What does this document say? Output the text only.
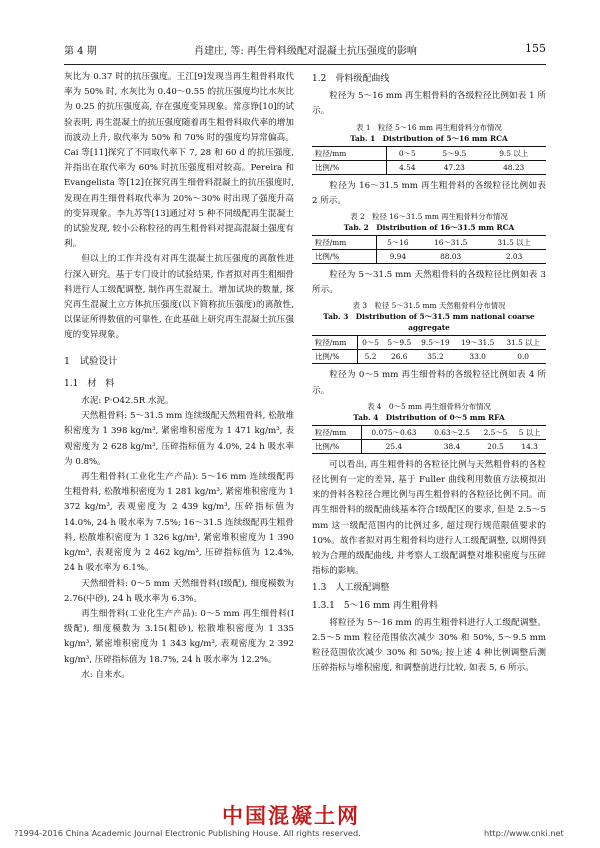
第 4 期	肖建庄, 等: 再生骨料级配对混凝土抗压强度的影响	155

灰比为 0.37 时的抗压强度。王江[9]发现当再生粗骨料取代率为 50% 时, 水灰比为 0.40～0.55 的抗压强度均比水灰比为 0.25 的抗压强度高, 存在强度变异现象。常彦铮[10]的试验表明, 再生混凝土的抗压强度随着再生粗骨料取代率的增加而波动上升, 取代率为 50% 和 70% 时的强度均异常偏高。Cai 等[11]探究了不同取代率下 7, 28 和 60 d 的抗压强度, 并指出在取代率为 60% 时抗压强度相对较高。Pereira 和 Evangelista 等[12]在探究再生细骨料混凝土的抗压强度时, 发现在再生细骨料取代率为 20%～30% 时出现了强度升高的变异现象。李九苏等[13]通过对 5 种不同级配再生混凝土的试验发现, 较小公称粒径的再生粗骨料对提高混凝土强度有利。

但以上的工作并没有对再生混凝土抗压强度的离散性进行深入研究。基于专门设计的试验结果, 作者拟对再生粗细骨料进行人工级配调整, 制作再生混凝土。增加试块的数量, 探究再生混凝土立方体抗压强度(以下简称抗压强度)的离散性, 以保证所得数值的可靠性, 在此基础上研究再生混凝土抗压强度的变异现象。

1　试验设计
1.1　材　料

水泥: P·O42.5R 水泥。

天然粗骨料: 5～31.5 mm 连续级配天然粗骨料, 松散堆积密度为 1 398 kg/m³, 紧密堆积密度为 1 471 kg/m³, 表观密度为 2 628 kg/m³, 压碎指标值为 4.0%, 24 h 吸水率为 0.8%。

再生粗骨料(工业化生产产品): 5～16 mm 连续级配再生粗骨料, 松散堆积密度为 1 281 kg/m³, 紧密堆积密度为 1 372 kg/m³, 表观密度为 2 439 kg/m³, 压碎指标值为 14.0%, 24 h 吸水率为 7.5%; 16～31.5 连续级配再生粗骨料, 松散堆积密度为 1 326 kg/m³, 紧密堆积密度为 1 390 kg/m³, 表观密度为 2 462 kg/m³, 压碎指标值为 12.4%, 24 h 吸水率为 6.1%。

天然细骨料: 0～5 mm 天然细骨料(Ⅰ级配), 细度模数为 2.76(中砂), 24 h 吸水率为 6.3%。

再生细骨料(工业化生产产品): 0～5 mm 再生细骨料(Ⅰ级配), 细度模数为 3.15(粗砂), 松散堆积密度为 1 335 kg/m³, 紧密堆积密度为 1 343 kg/m³, 表观密度为 2 392 kg/m³, 压碎指标值为 18.7%, 24 h 吸水率为 12.2%。

水: 自来水。

1.2　骨料级配曲线

粒径为 5～16 mm 再生粗骨料的各级粒径比例如表 1 所示。

表 1　粒径 5～16 mm 再生粗骨料分布情况
Tab. 1　Distribution of 5～16 mm RCA
粒径/mm	0～5	5～9.5	9.5 以上
比例/%	4.54	47.23	48.23

粒径为 16～31.5 mm 再生粗骨料的各级粒径比例如表 2 所示。

表 2　粒径 16～31.5 mm 再生粗骨料分布情况
Tab. 2　Distribution of 16～31.5 mm RCA
粒径/mm	5～16	16～31.5	31.5 以上
比例/%	9.94	88.03	2.03

粒径为 5～31.5 mm 天然粗骨料的各级粒径比例如表 3 所示。

表 3　粒径 5～31.5 mm 天然粗骨料分布情况
Tab. 3　Distribution of 5～31.5 mm national coarse aggregate
粒径/mm	0～5	5～9.5	9.5～19	19～31.5	31.5 以上
比例/%	5.2	26.6	35.2	33.0	0.0

粒径为 0～5 mm 再生细骨料的各级粒径比例如表 4 所示。

表 4　0～5 mm 再生细骨料分布情况
Tab. 4　Distribution of 0～5 mm RFA
粒径/mm	0.075～0.63	0.63～2.5	2.5～5	5 以上
比例/%	25.4	38.4	20.5	14.3

可以看出, 再生粗骨料的各粒径比例与天然粗骨料的各粒径比例有一定的差异, 基于 Fuller 曲线利用数值方法模拟出来的骨料各粒径合理比例与再生粗骨料的各粒径比例不同。而再生细骨料的级配曲线基本符合Ⅰ级配区的要求, 但是 2.5～5 mm 这一级配范围内的比例过多, 超过现行规范限值要求的 10%。故作者拟对再生粗骨料均进行人工级配调整, 以期得到较为合理的级配曲线, 并考察人工级配调整对堆积密度与压碎指标的影响。

1.3　人工级配调整
1.3.1　5～16 mm 再生粗骨料

将粒径为 5～16 mm 的再生粗骨料进行人工级配调整。2.5～5 mm 粒径范围依次减少 30% 和 50%, 5～9.5 mm 粒径范围依次减少 30% 和 50%; 按上述 4 种比例调整后测压碎指标与堆积密度, 和调整前进行比较, 如表 5, 6 所示。

中国混凝土网
?1994-2016 China Academic Journal Electronic Publishing House. All rights reserved.	http://www.cnki.net
